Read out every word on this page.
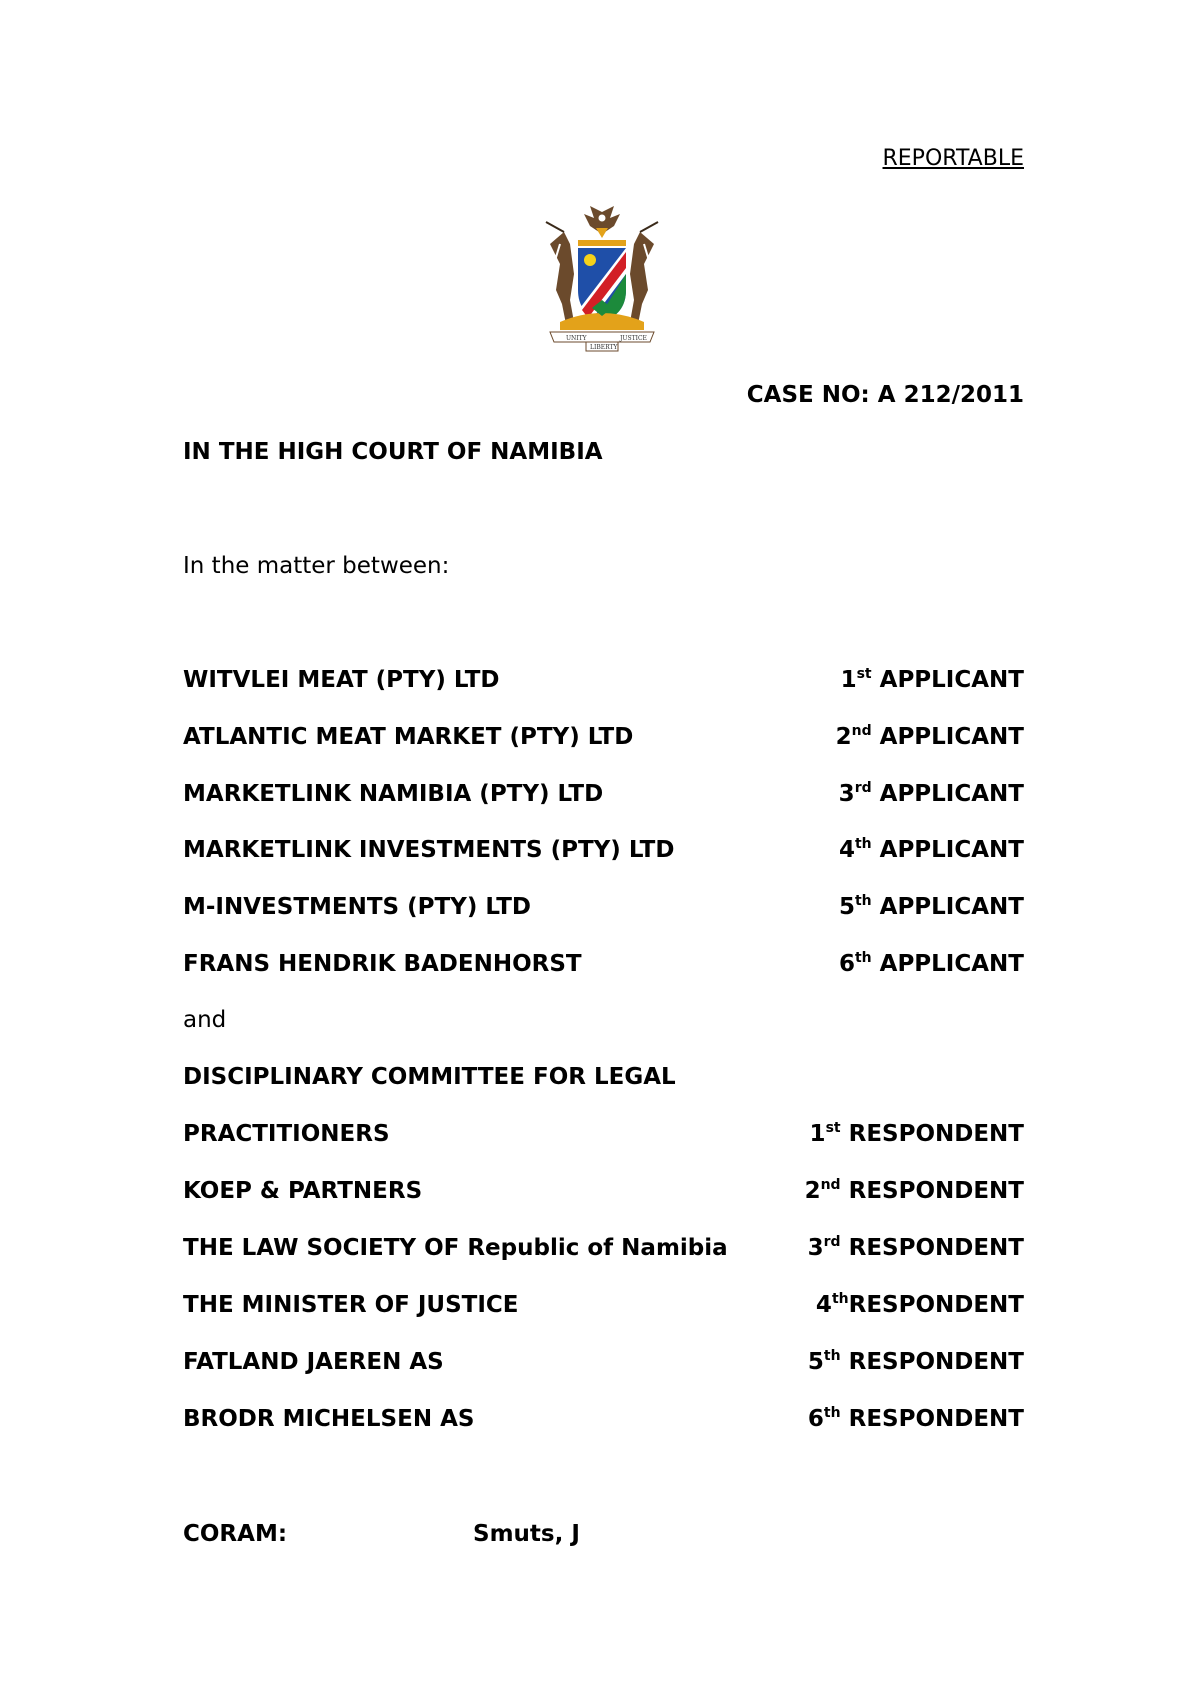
REPORTABLE
UNITY
LIBERTY
JUSTICE
CASE NO: A 212/2011
IN THE HIGH COURT OF NAMIBIA
In the matter between:
WITVLEI MEAT (PTY) LTD	1st APPLICANT
ATLANTIC MEAT MARKET (PTY) LTD	2nd APPLICANT
MARKETLINK NAMIBIA (PTY) LTD	3rd APPLICANT
MARKETLINK INVESTMENTS (PTY) LTD	4th APPLICANT
M-INVESTMENTS (PTY) LTD	5th APPLICANT
FRANS HENDRIK BADENHORST	6th APPLICANT
and
DISCIPLINARY COMMITTEE FOR LEGAL
PRACTITIONERS	1st RESPONDENT
KOEP & PARTNERS	2nd RESPONDENT
THE LAW SOCIETY OF Republic of Namibia	3rd RESPONDENT
THE MINISTER OF JUSTICE	4thRESPONDENT
FATLAND JAEREN AS	5th RESPONDENT
BRODR MICHELSEN AS	6th RESPONDENT
CORAM:	Smuts, J
